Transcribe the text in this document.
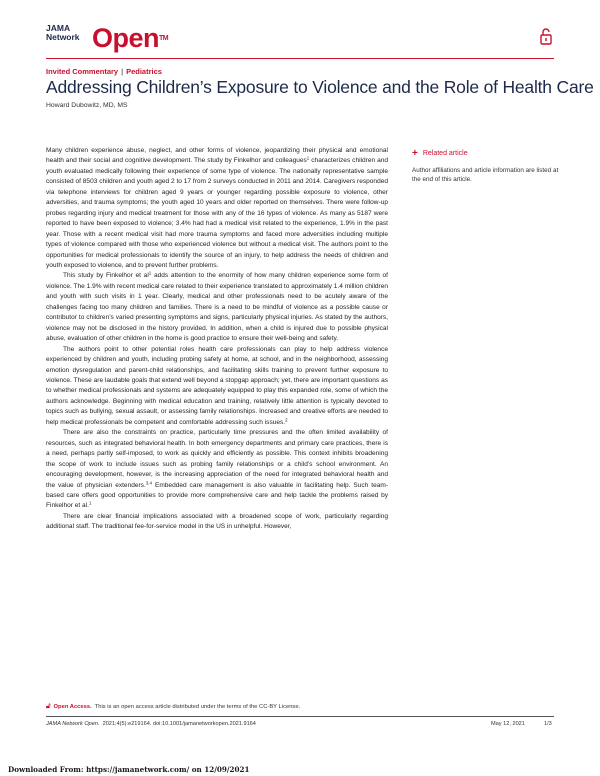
JAMA
Network Open™
Invited Commentary | Pediatrics
Addressing Children’s Exposure to Violence and the Role of Health Care
Howard Dubowitz, MD, MS
+ Related article
Author affiliations and article information are listed at the end of this article.

Many children experience abuse, neglect, and other forms of violence, jeopardizing their physical and emotional health and their social and cognitive development. The study by Finkelhor and colleagues$^1$ characterizes children and youth evaluated medically following their experience of some type of violence. The nationally representative sample consisted of 8503 children and youth aged 2 to 17 from 2 surveys conducted in 2011 and 2014. Caregivers responded via telephone interviews for children aged 9 years or younger regarding possible exposure to violence, other adversities, and trauma symptoms; the youth aged 10 years and older reported on themselves. There were follow-up probes regarding injury and medical treatment for those with any of the 16 types of violence. As many as 5187 were reported to have been exposed to violence; 3.4% had had a medical visit related to the experience, 1.9% in the past year. Those with a recent medical visit had more trauma symptoms and faced more adversities including multiple types of violence compared with those who experienced violence but without a medical visit. The authors point to the opportunities for medical professionals to identify the source of an injury, to help address the needs of children and youth exposed to violence, and to prevent further problems.

This study by Finkelhor et $al^1$ adds attention to the enormity of how many children experience some form of violence. The 1.9% with recent medical care related to their experience translated to approximately 1.4 million children and youth with such visits in 1 year. Clearly, medical and other professionals need to be acutely aware of the challenges facing too many children and families. There is a need to be mindful of violence as a possible cause or contributor to children’s varied presenting symptoms and signs, particularly physical injuries. As stated by the authors, violence may not be disclosed in the history provided. In addition, when a child is injured due to possible physical abuse, evaluation of other children in the home is good practice to ensure their well-being and safety.

The authors point to other potential roles health care professionals can play to help address violence experienced by children and youth, including probing safety at home, at school, and in the neighborhood, assessing emotion dysregulation and parent-child relationships, and facilitating skills training to prevent further exposure to violence. These are laudable goals that extend well beyond a stopgap approach; yet, there are important questions as to whether medical professionals and systems are adequately equipped to play this expanded role, some of which the authors acknowledge. Beginning with medical education and training, relatively little attention is typically devoted to topics such as bullying, sexual assault, or assessing family relationships. Increased and creative efforts are needed to help medical professionals be competent and comfortable addressing such issues.$^2$

There are also the constraints on practice, particularly time pressures and the often limited availability of resources, such as integrated behavioral health. In both emergency departments and primary care practices, there is a need, perhaps partly self-imposed, to work as quickly and efficiently as possible. This context inhibits broadening the scope of work to include issues such as probing family relationships or a child’s school environment. An encouraging development, however, is the increasing appreciation of the need for integrated behavioral health and the value of physician extenders.$^{3,4}$ Embedded care management is also valuable in facilitating help. Such team-based care offers good opportunities to provide more comprehensive care and help tackle the problems raised by Finkelhor et al.$^1$

There are clear financial implications associated with a broadened scope of work, particularly regarding additional staff. The traditional fee-for-service model in the US in unhelpful. However,

🔓︎ Open Access. This is an open access article distributed under the terms of the CC-BY License.
JAMA Network Open. 2021;4(5):e219164. doi:10.1001/jamanetworkopen.2021.9164	May 12, 2021	1/3
Downloaded From: https://jamanetwork.com/ on 12/09/2021
